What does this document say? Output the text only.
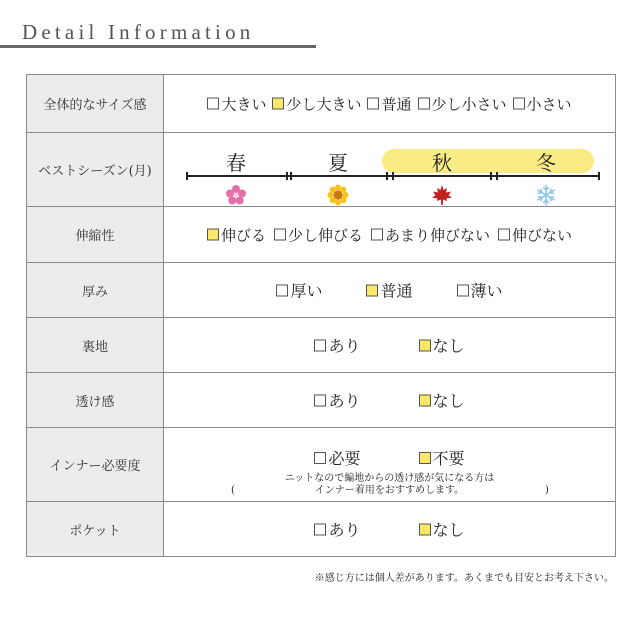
Detail Information
全体的なサイズ感	大きい 少し大きい 普通 少し小さい 小さい
ベストシーズン(月)	春	夏	秋	冬
伸縮性	伸びる 少し伸びる あまり伸びない 伸びない
厚み	厚い	普通	薄い
裏地	あり	なし
透け感	あり	なし
インナー必要度	必要	不要
ニットなので編地からの透け感が気になる方は
インナー着用をおすすめします。
(	)
ポケット	あり	なし
※感じ方には個人差があります。あくまでも目安とお考え下さい。
